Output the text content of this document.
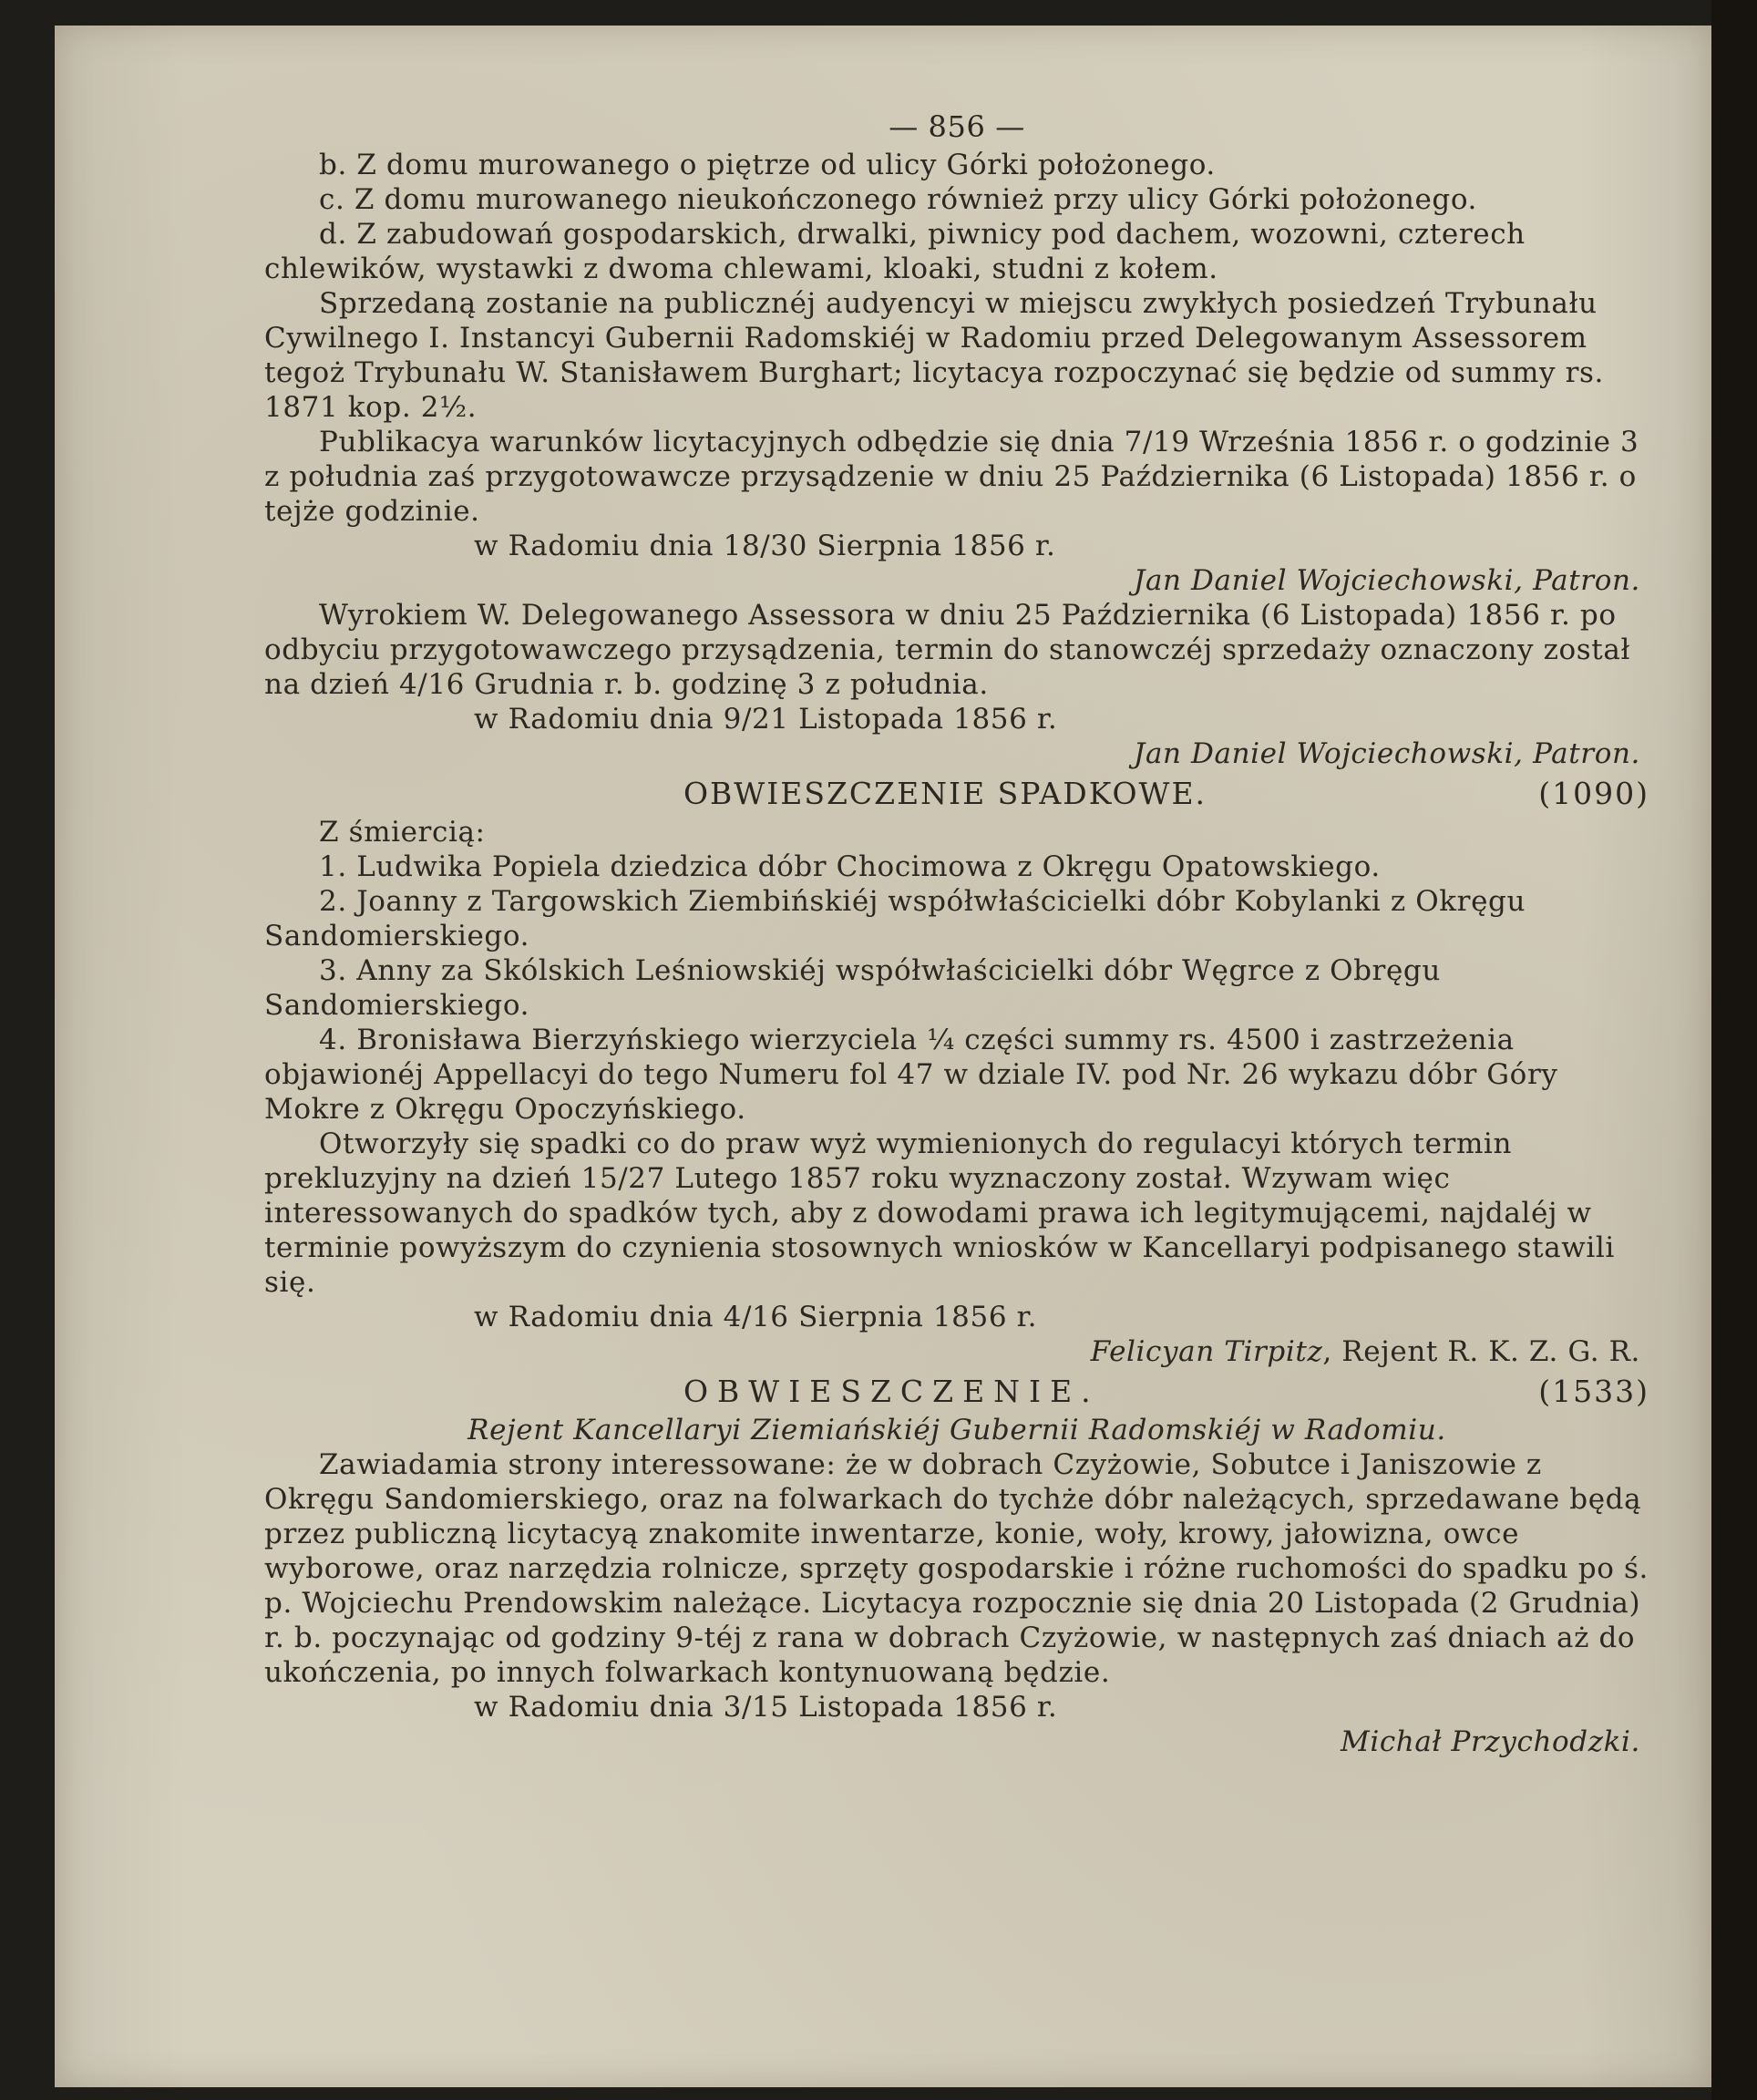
— 856 —

b. Z domu murowanego o piętrze od ulicy Górki położonego.

c. Z domu murowanego nieukończonego również przy ulicy Górki położonego.

d. Z zabudowań gospodarskich, drwalki, piwnicy pod dachem, wozowni, czterech chlewików, wystawki z dwoma chlewami, kloaki, studni z kołem.

Sprzedaną zostanie na publicznéj audyencyi w miejscu zwykłych posiedzeń Trybunału Cywilnego I. Instancyi Gubernii Radomskiéj w Radomiu przed Delegowanym Assessorem tegoż Trybunału W. Stanisławem Burghart; licytacya rozpoczynać się będzie od summy rs. 1871 kop. 2½.

Publikacya warunków licytacyjnych odbędzie się dnia 7/19 Września 1856 r. o godzinie 3 z południa zaś przygotowawcze przysądzenie w dniu 25 Października (6 Listopada) 1856 r. o tejże godzinie.

w Radomiu dnia 18/30 Sierpnia 1856 r.

Jan Daniel Wojciechowski, Patron.

Wyrokiem W. Delegowanego Assessora w dniu 25 Października (6 Listopada) 1856 r. po odbyciu przygotowawczego przysądzenia, termin do stanowczéj sprzedaży oznaczony został na dzień 4/16 Grudnia r. b. godzinę 3 z południa.

w Radomiu dnia 9/21 Listopada 1856 r.

Jan Daniel Wojciechowski, Patron.

OBWIESZCZENIE SPADKOWE.	(1090)

Z śmiercią:

1. Ludwika Popiela dziedzica dóbr Chocimowa z Okręgu Opatowskiego.

2. Joanny z Targowskich Ziembińskiéj współwłaścicielki dóbr Kobylanki z Okręgu Sandomierskiego.

3. Anny za Skólskich Leśniowskiéj współwłaścicielki dóbr Węgrce z Obręgu Sandomierskiego.

4. Bronisława Bierzyńskiego wierzyciela ¼ części summy rs. 4500 i zastrzeżenia objawionéj Appellacyi do tego Numeru fol 47 w dziale IV. pod Nr. 26 wykazu dóbr Góry Mokre z Okręgu Opoczyńskiego.

Otworzyły się spadki co do praw wyż wymienionych do regulacyi których termin prekluzyjny na dzień 15/27 Lutego 1857 roku wyznaczony został. Wzywam więc interessowanych do spadków tych, aby z dowodami prawa ich legitymującemi, najdaléj w terminie powyższym do czynienia stosownych wniosków w Kancellaryi podpisanego stawili się.

w Radomiu dnia 4/16 Sierpnia 1856 r.

Felicyan Tirpitz, Rejent R. K. Z. G. R.

OBWIESZCZENIE.	(1533)

Rejent Kancellaryi Ziemiańskiéj Gubernii Radomskiéj w Radomiu.

Zawiadamia strony interessowane: że w dobrach Czyżowie, Sobutce i Janiszowie z Okręgu Sandomierskiego, oraz na folwarkach do tychże dóbr należących, sprzedawane będą przez publiczną licytacyą znakomite inwentarze, konie, woły, krowy, jałowizna, owce wyborowe, oraz narzędzia rolnicze, sprzęty gospodarskie i różne ruchomości do spadku po ś. p. Wojciechu Prendowskim należące. Licytacya rozpocznie się dnia 20 Listopada (2 Grudnia) r. b. poczynając od godziny 9-téj z rana w dobrach Czyżowie, w następnych zaś dniach aż do ukończenia, po innych folwarkach kontynuowaną będzie.

w Radomiu dnia 3/15 Listopada 1856 r.

Michał Przychodzki.
